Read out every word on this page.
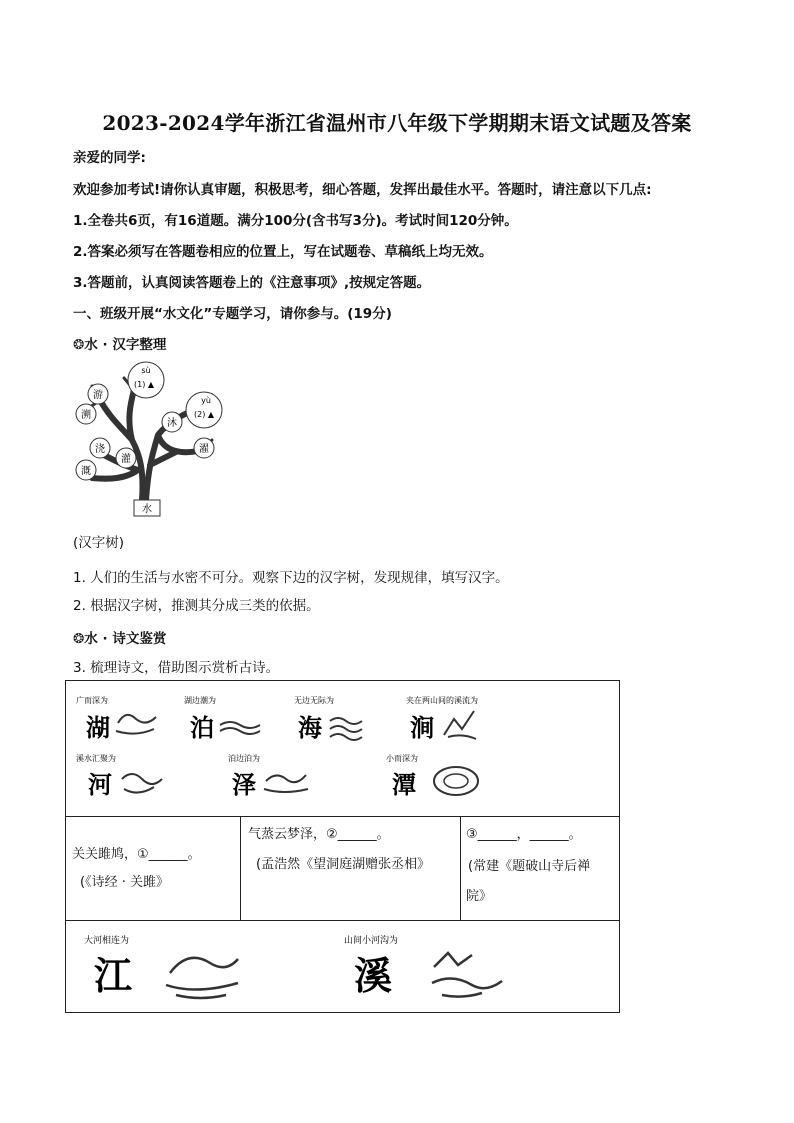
2023-2024学年浙江省温州市八年级下学期期末语文试题及答案
亲爱的同学:
欢迎参加考试!请你认真审题，积极思考，细心答题，发挥出最佳水平。答题时，请注意以下几点:
1.全卷共6页，有16道题。满分100分(含书写3分)。考试时间120分钟。
2.答案必须写在答题卷相应的位置上，写在试题卷、草稿纸上均无效。
3.答题前，认真阅读答题卷上的《注意事项》,按规定答题。
一、班级开展“水文化”专题学习，请你参与。(19分)
❂水 · 汉字整理
游
溯
浇
灌
溉
沐
濯
sù
(1) ▲
yù
(2) ▲
水
(汉字树)
1. 人们的生活与水密不可分。观察下边的汉字树，发现规律，填写汉字。
2. 根据汉字树，推测其分成三类的依据。
❂水 · 诗文鉴赏
3. 梳理诗文，借助图示赏析古诗。
广而深为
湖
湖边潮为
泊
无边无际为
海
夹在两山间的溪流为
涧
溪水汇聚为
河
泊边泊为
泽
小而深为
潭
关关雎鸠，①______。
(《诗经 · 关雎》
气蒸云梦泽，②______。
(孟浩然《望洞庭湖赠张丞相》
③______，______。
(常建《题破山寺后禅
院》
大河相连为
江
山间小河沟为
溪
